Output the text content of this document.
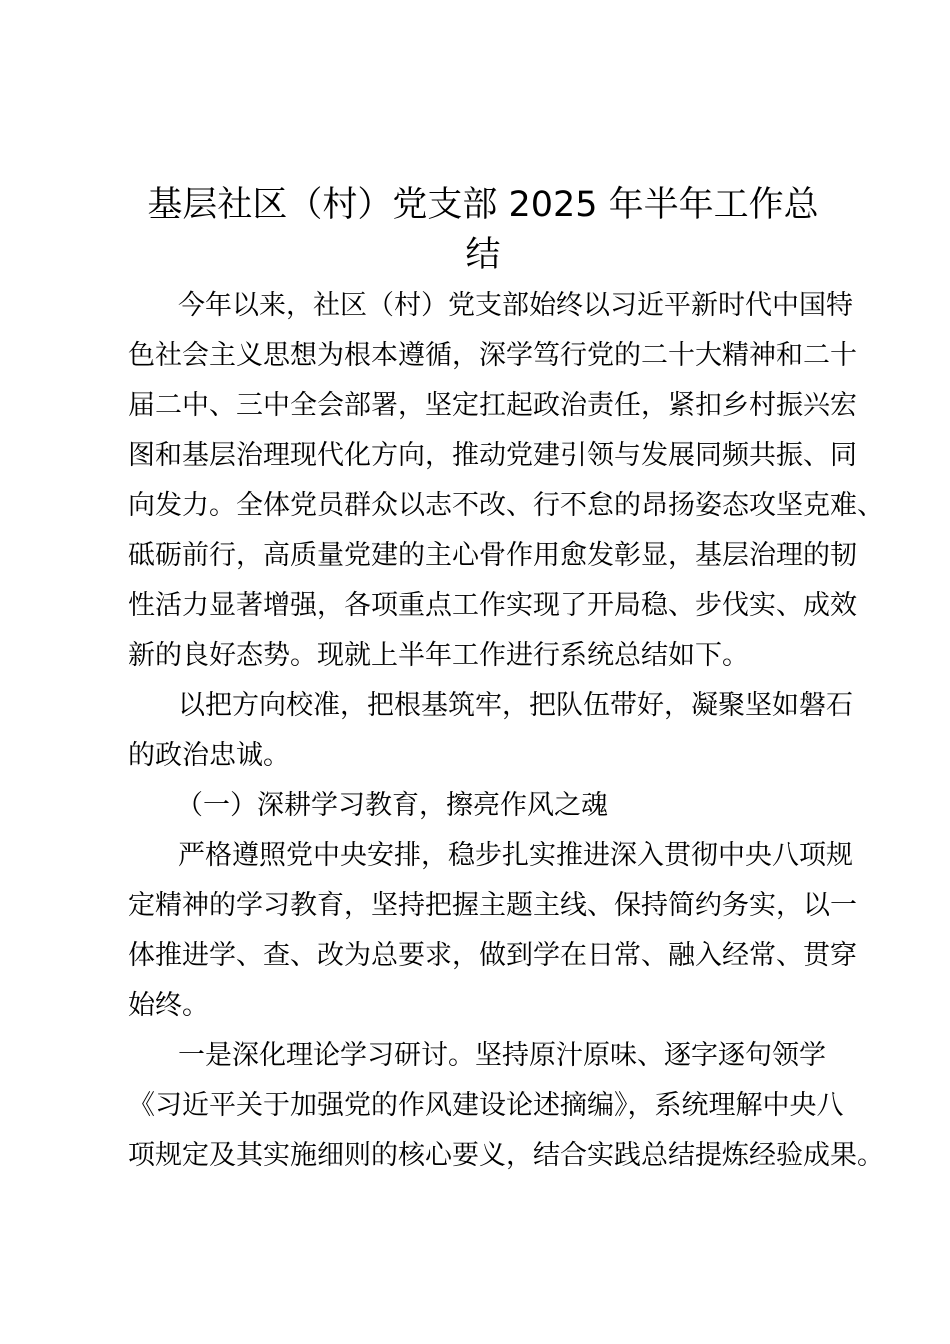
基层社区（村）党支部 2025 年半年工作总
结

今年以来，社区（村）党支部始终以习近平新时代中国特

色社会主义思想为根本遵循，深学笃行党的二十大精神和二十

届二中、三中全会部署，坚定扛起政治责任，紧扣乡村振兴宏

图和基层治理现代化方向，推动党建引领与发展同频共振、同

向发力。全体党员群众以志不改、行不怠的昂扬姿态攻坚克难、

砥砺前行，高质量党建的主心骨作用愈发彰显，基层治理的韧

性活力显著增强，各项重点工作实现了开局稳、步伐实、成效

新的良好态势。现就上半年工作进行系统总结如下。

以把方向校准，把根基筑牢，把队伍带好，凝聚坚如磐石

的政治忠诚。

（一）深耕学习教育，擦亮作风之魂

严格遵照党中央安排，稳步扎实推进深入贯彻中央八项规

定精神的学习教育，坚持把握主题主线、保持简约务实，以一

体推进学、查、改为总要求，做到学在日常、融入经常、贯穿

始终。

一是深化理论学习研讨。坚持原汁原味、逐字逐句领学

《习近平关于加强党的作风建设论述摘编》，系统理解中央八

项规定及其实施细则的核心要义，结合实践总结提炼经验成果。
